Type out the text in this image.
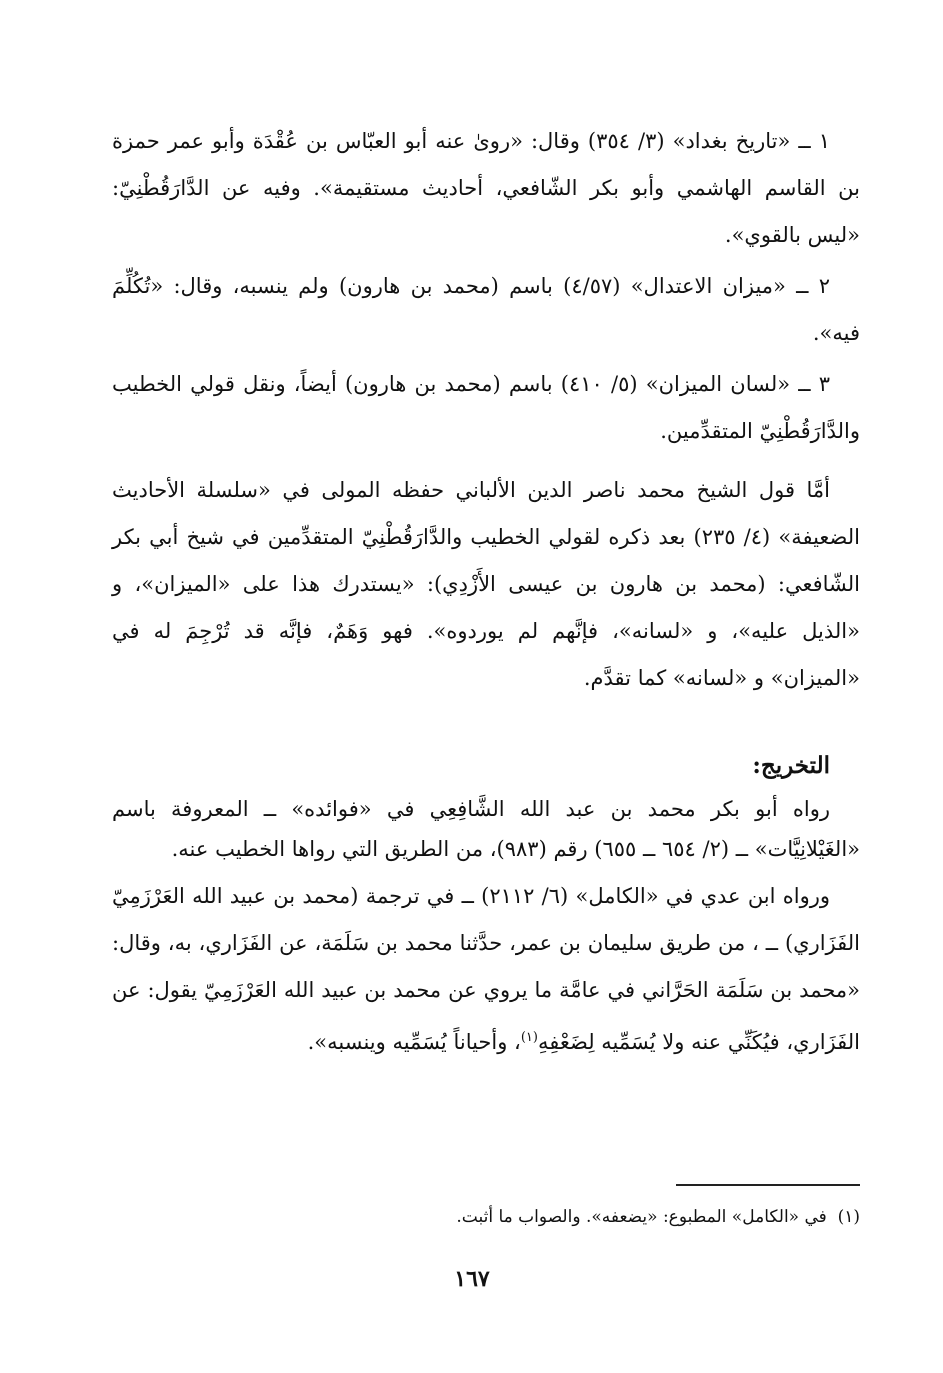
١ ــ «تاريخ بغداد» (٣/ ٣٥٤) وقال: «روىٰ عنه أبو العبّاس بن عُقْدَة وأبو عمر حمزة بن القاسم الهاشمي وأبو بكر الشّافعي، أحاديث مستقيمة». وفيه عن الدَّارَقُطْنِيّ: «ليس بالقوي».

٢ ــ «ميزان الاعتدال» (٤/٥٧) باسم (محمد بن هارون) ولم ينسبه، وقال: «تُكُلِّمَ فيه».

٣ ــ «لسان الميزان» (٥/ ٤١٠) باسم (محمد بن هارون) أيضاً، ونقل قولي الخطيب والدَّارَقُطْنِيّ المتقدِّمين.

أمَّا قول الشيخ محمد ناصر الدين الألباني حفظه المولى في «سلسلة الأحاديث الضعيفة» (٤/ ٢٣٥) بعد ذكره لقولي الخطيب والدَّارَقُطْنِيّ المتقدِّمين في شيخ أبي بكر الشّافعي: (محمد بن هارون بن عيسى الأَزْدِي): «يستدرك هذا على «الميزان»، و «الذيل عليه»، و «لسانه»، فإنَّهم لم يوردوه». فهو وَهَمٌ، فإنَّه قد تُرْجِمَ له في «الميزان» و «لسانه» كما تقدَّم.

التخريج:

رواه أبو بكر محمد بن عبد الله الشَّافِعِي في «فوائده» ــ المعروفة باسم «الغَيْلانِيَّات» ــ (٢/ ٦٥٤ ــ ٦٥٥) رقم (٩٨٣)، من الطريق التي رواها الخطيب عنه.

ورواه ابن عدي في «الكامل» (٦/ ٢١١٢) ــ في ترجمة (محمد بن عبيد الله العَرْزَمِيّ الفَزَاري) ــ ، من طريق سليمان بن عمر، حدَّثنا محمد بن سَلَمَة، عن الفَزَاري، به، وقال: «محمد بن سَلَمَة الحَرَّاني في عامَّة ما يروي عن محمد بن عبيد الله العَرْزَمِيّ يقول: عن الفَزَاري، فيُكَنِّي عنه ولا يُسَمِّيه لِضَعْفِهِ$^{(١)}$، وأحياناً يُسَمِّيه وينسبه».

(١)  في «الكامل» المطبوع: «يضعفه». والصواب ما أثبت.
١٦٧
